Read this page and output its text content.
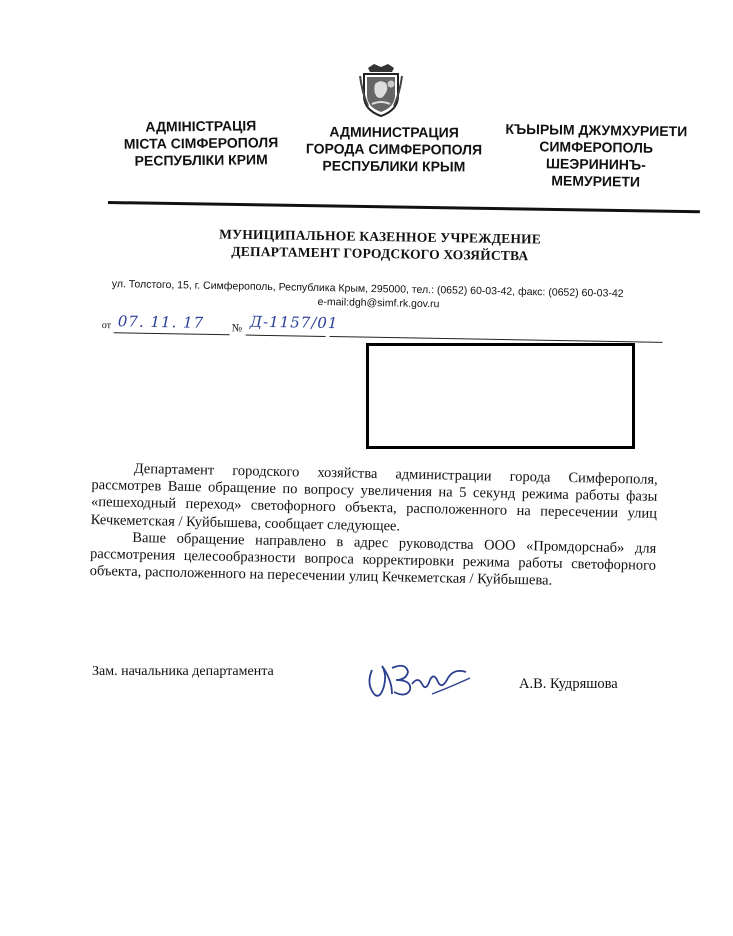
АДМІНІСТРАЦІЯ
МІСТА СІМФЕРОПОЛЯ
РЕСПУБЛІКИ КРИМ
АДМИНИСТРАЦИЯ
ГОРОДА СИМФЕРОПОЛЯ
РЕСПУБЛИКИ КРЫМ
КЪЫРЫМ ДЖУМХУРИЕТИ
СИМФЕРОПОЛЬ
ШЕЭРИНИНЪ-
МЕМУРИЕТИ
МУНИЦИПАЛЬНОЕ КАЗЕННОЕ УЧРЕЖДЕНИЕ
ДЕПАРТАМЕНТ ГОРОДСКОГО ХОЗЯЙСТВА
ул. Толстого, 15, г. Симферополь, Республика Крым, 295000, тел.: (0652) 60-03-42, факс: (0652) 60-03-42
e-mail:dgh@simf.rk.gov.ru
от 07. 11. 17 № Д-1157/01

Департамент городского хозяйства администрации города Симферополя, рассмотрев Ваше обращение по вопросу увеличения на 5 секунд режима работы фазы «пешеходный переход» светофорного объекта, расположенного на пересечении улиц Кечкеметская / Куйбышева, сообщает следующее.

Ваше обращение направлено в адрес руководства ООО «Промдорснаб» для рассмотрения целесообразности вопроса корректировки режима работы светофорного объекта, расположенного на пересечении улиц Кечкеметская / Куйбышева.

Зам. начальника департамента
А.В. Кудряшова
